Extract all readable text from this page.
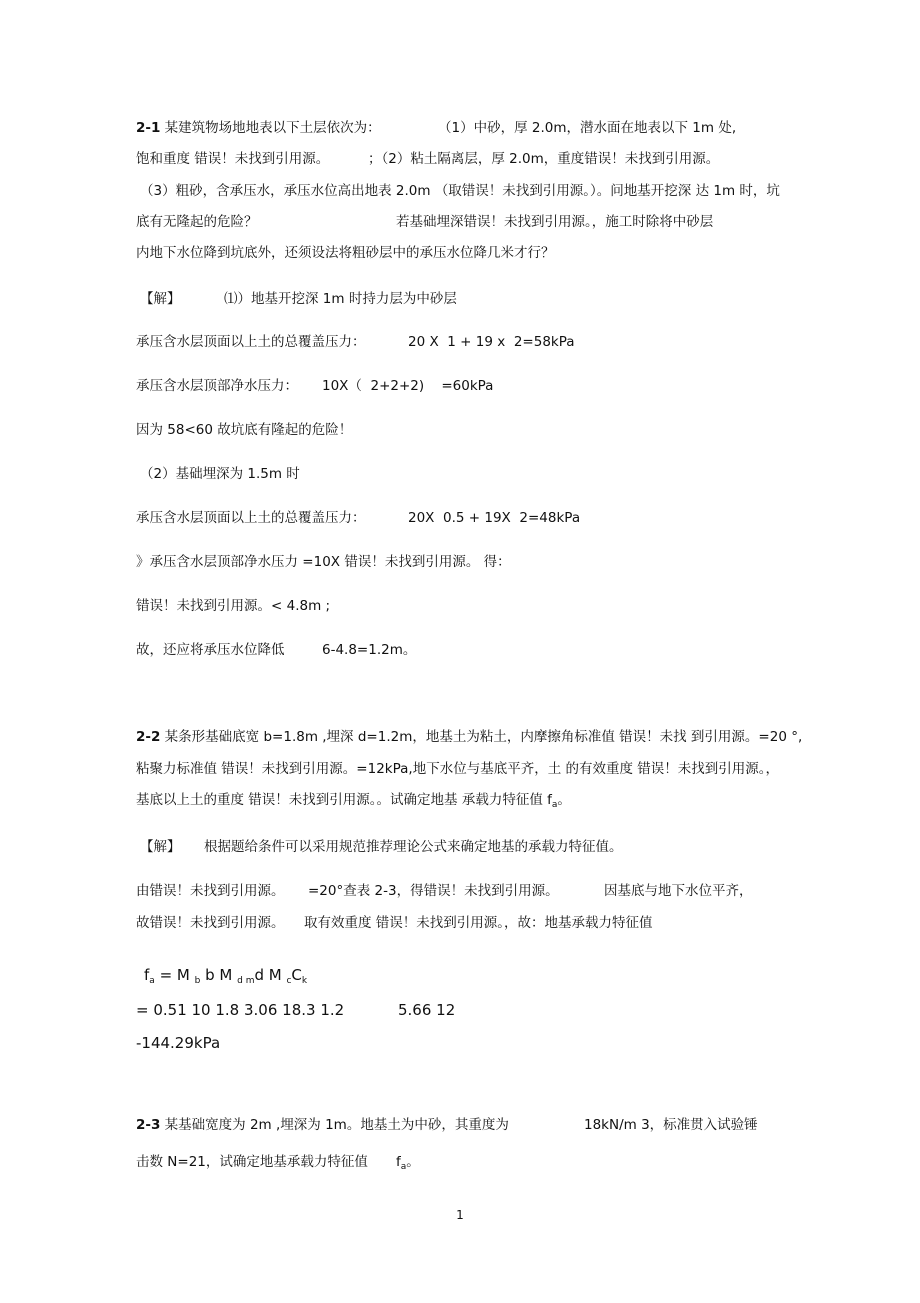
2-1 某建筑物场地地表以下土层依次为：	（1）中砂，厚 2.0m，潜水面在地表以下 1m 处,
饱和重度 错误！未找到引用源。	；（2）粘土隔离层，厚 2.0m，重度错误！未找到引用源。
（3）粗砂，含承压水，承压水位高出地表 2.0m （取错误！未找到引用源。）。问地基开挖深 达 1m 时，坑
底有无隆起的危险？	若基础埋深错误！未找到引用源。，施工时除将中砂层
内地下水位降到坑底外，还须设法将粗砂层中的承压水位降几米才行？
【解】	⑴）地基开挖深 1m 时持力层为中砂层
承压含水层顶面以上土的总覆盖压力：	20 X  1 + 19 x  2=58kPa
承压含水层顶部净水压力： 10X（  2+2+2)    =60kPa
因为 58<60 故坑底有隆起的危险！
（2）基础埋深为 1.5m 时
承压含水层顶面以上土的总覆盖压力：	20X  0.5 + 19X  2=48kPa
》承压含水层顶部净水压力 =10X 错误！未找到引用源。 得：
错误！未找到引用源。< 4.8m ;
故，还应将承压水位降低	6-4.8=1.2m。
2-2 某条形基础底宽 b=1.8m ,埋深 d=1.2m，地基土为粘土，内摩擦角标准值 错误！未找 到引用源。=20 °,
粘聚力标准值 错误！未找到引用源。=12kPa,地下水位与基底平齐，土 的有效重度 错误！未找到引用源。，
基底以上土的重度 错误！未找到引用源。。试确定地基 承载力特征值 $f_a$。
【解】 根据题给条件可以采用规范推荐理论公式来确定地基的承载力特征值。
由错误！未找到引用源。 =20°查表 2-3，得错误！未找到引用源。	因基底与地下水位平齐，
故错误！未找到引用源。 取有效重度 错误！未找到引用源。，故：地基承载力特征值
$f_a = M$ $_b$ b M $_{d m}$d M $_cC_k$
= 0.51 10 1.8 3.06 18.3 1.2	5.66 12
-144.29kPa
2-3 某基础宽度为 2m ,埋深为 1m。地基土为中砂，其重度为	18kN/m 3，标准贯入试验锤
击数 N=21，试确定地基承载力特征值 $f_a$。
1
